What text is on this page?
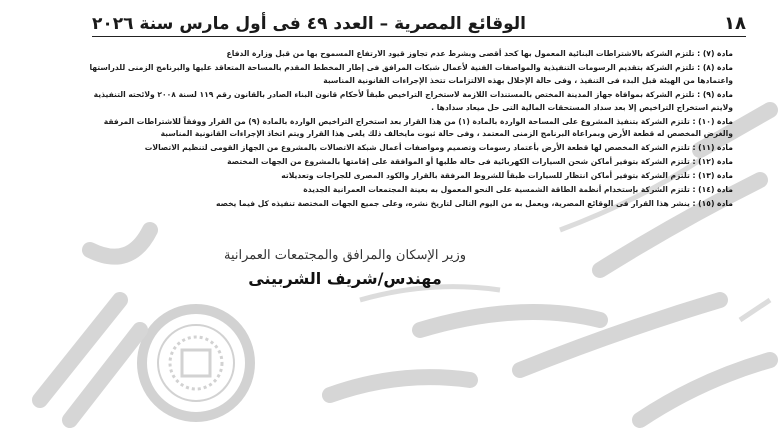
١٨
الوقائع المصرية – العدد ٤٩ فى أول مارس سنة ٢٠٢٦
مادة (٧) : تلتزم الشركة بالاشتراطات البنائية المعمول بها كحد أقصى وبشرط عدم تجاوز قيود الارتفاع المسموح بها من قبل وزارة الدفاع
مادة (٨) : تلتزم الشركة بتقديم الرسومات التنفيذية والمواصفات الفنية لأعمال شبكات المرافق فى إطار المخطط المقدم بالمساحة المتعاقد عليها والبرنامج الزمنى للدراستها واعتمادها من الهيئة قبل البدء فى التنفيذ ، وفى حالة الإخلال بهذه الالتزامات تتخذ الإجراءات القانونية المناسبة
مادة (٩) : تلتزم الشركة بموافاة جهاز المدينة المختص بالمستندات اللازمة لاستخراج التراخيص طبقاً لأحكام قانون البناء الصادر بالقانون رقم ١١٩ لسنة ٢٠٠٨ ولائحته التنفيذية ولايتم استخراج التراخيص إلا بعد سداد المستحقات المالية التى حل ميعاد سدادها .
مادة (١٠) : تلتزم الشركة بتنفيذ المشروع على المساحة الواردة بالمادة (١) من هذا القرار بعد استخراج التراخيص الواردة بالمادة (٩) من القرار ووفقاً للاشتراطات المرفقة والغرض المخصص له قطعة الأرض وبمراعاة البرنامج الزمنى المعتمد ، وفى حالة ثبوت مايخالف ذلك يلغى هذا القرار ويتم اتخاذ الإجراءات القانونية المناسبة
مادة (١١) : تلتزم الشركة المخصص لها قطعة الأرض بأعتماد رسومات وتصميم ومواصفات أعمال شبكة الاتصالات بالمشروع من الجهاز القومى لتنظيم الاتصالات
مادة (١٢) : تلتزم الشركة بتوفير أماكن شحن السيارات الكهربائية فى حالة طلبها أو الموافقة على إقامتها بالمشروع من الجهات المختصة
مادة (١٣) : تلتزم الشركة بتوفير أماكن انتظار للسيارات طبقاً للشروط المرفقة بالقرار والكود المصرى للجراجات وتعديلاته
مادة (١٤) : تلتزم الشركة بإستخدام أنظمة الطاقة الشمسية على النحو المعمول به بعينة المجتمعات العمرانية الجديدة
مادة (١٥) : ينشر هذا القرار فى الوقائع المصرية، ويعمل به من اليوم التالى لتاريخ نشره، وعلى جميع الجهات المختصة تنفيذه كل فيما يخصه
وزير الإسكان والمرافق والمجتمعات العمرانية
مهندس/شريف الشربينى
